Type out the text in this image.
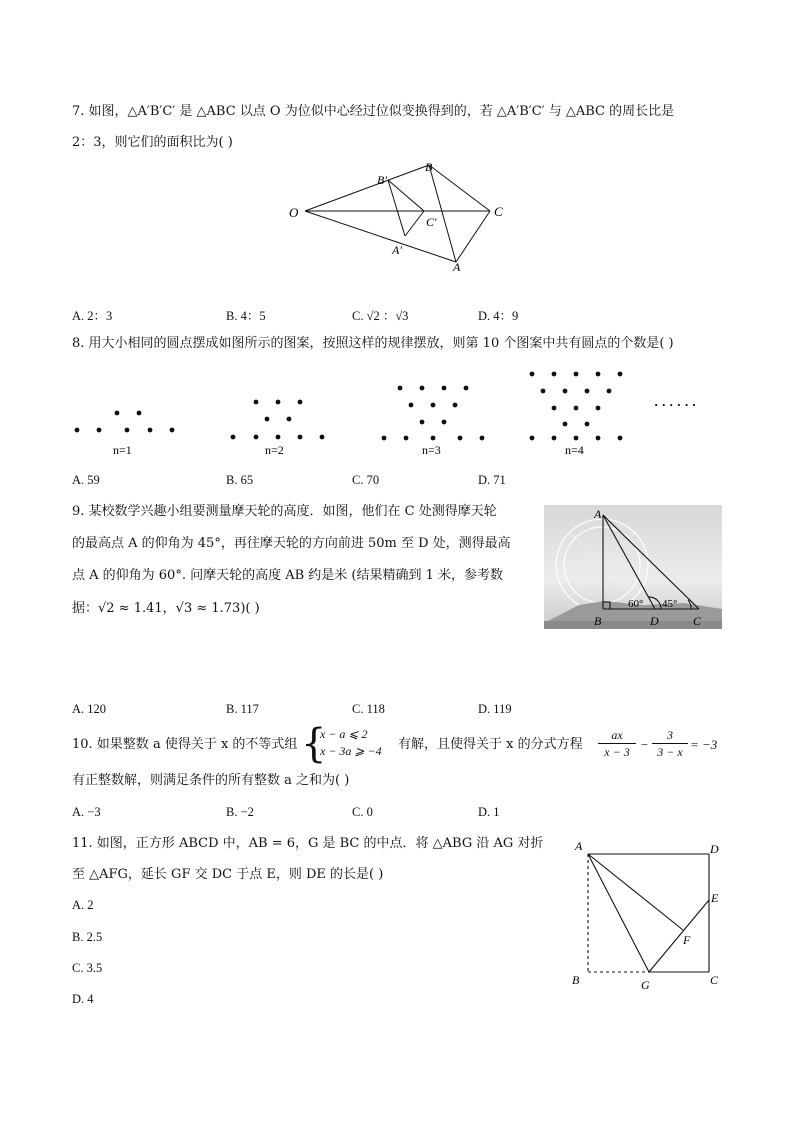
7. 如图，△A′B′C′ 是 △ABC 以点 O 为位似中心经过位似变换得到的，若 △A′B′C′ 与 △ABC 的周长比是
2：3，则它们的面积比为( )
O
B′
B
C′
C
A′
A
A. 2：3	B. 4：5	C. √2 ：√3	D. 4：9
8. 用大小相同的圆点摆成如图所示的图案，按照这样的规律摆放，则第 10 个图案中共有圆点的个数是( )
n=1	n=2	n=3	n=4
· · · · · ·
A. 59	B. 65	C. 70	D. 71
9. 某校数学兴趣小组要测量摩天轮的高度．如图，他们在 C 处测得摩天轮
的最高点 A 的仰角为 45°，再往摩天轮的方向前进 50m 至 D 处，测得最高
点 A 的仰角为 60°. 问摩天轮的高度 AB 约是米 (结果精确到 1 米，参考数
据：√2 ≈ 1.41，√3 ≈ 1.73)( )
A
B	D	C
60° 45°
A. 120	B. 117	C. 118	D. 119
10. 如果整数 a 使得关于 x 的不等式组 {
x − a ⩽ 2
x − 3a ⩾ −4 有解，且使得关于 x 的分式方程
ax
x − 3 −
3
3 − x = −3
有正整数解，则满足条件的所有整数 a 之和为( )
A. −3	B. −2	C. 0	D. 1
11. 如图，正方形 ABCD 中，AB = 6，G 是 BC 的中点．将 △ABG 沿 AG 对折
至 △AFG，延长 GF 交 DC 于点 E，则 DE 的长是( )
A. 2
B. 2.5
C. 3.5
D. 4
A	D
E
F
B	G	C
